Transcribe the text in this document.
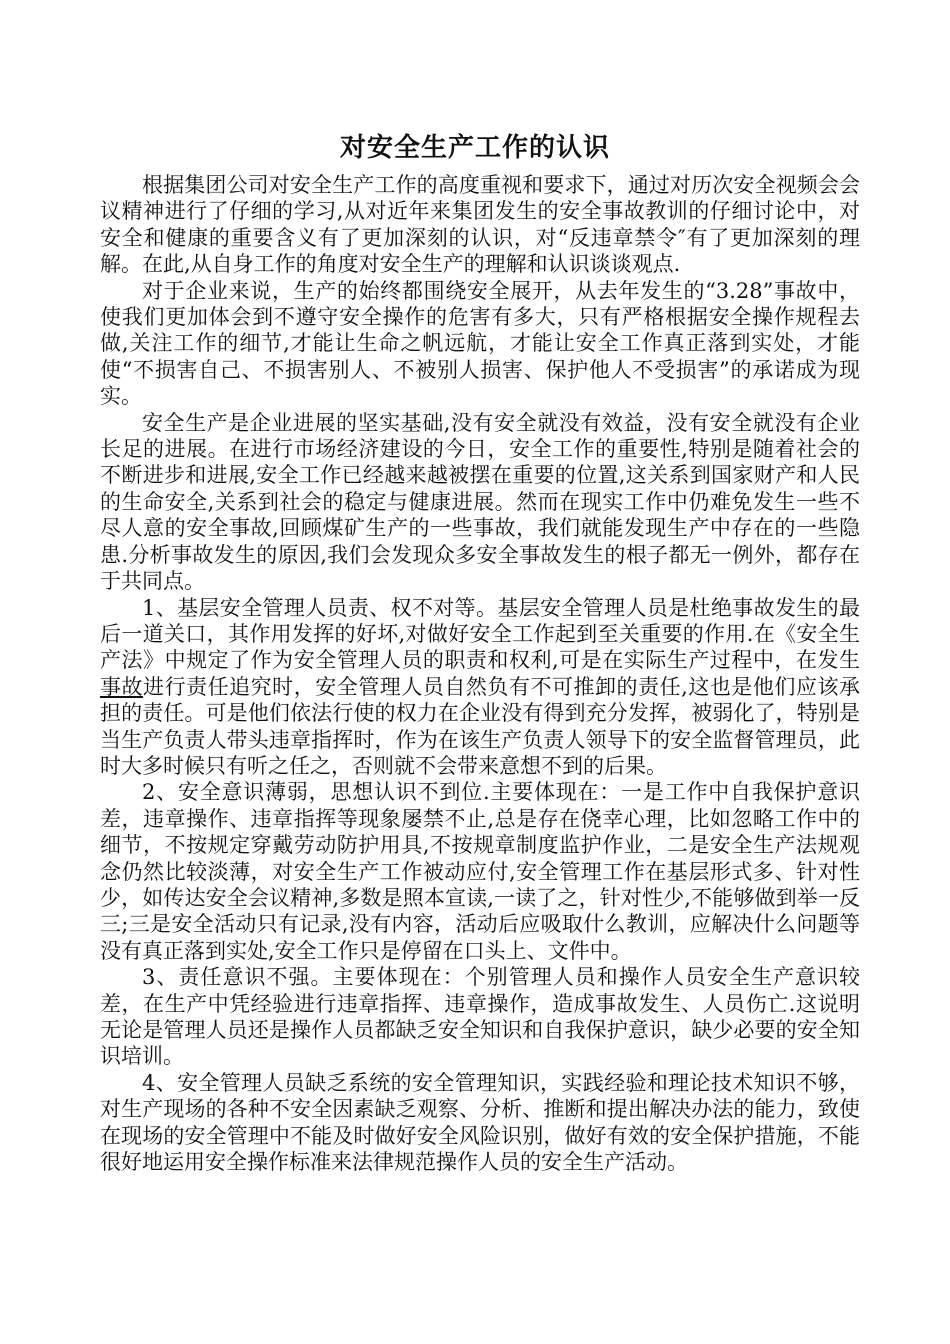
对安全生产工作的认识

根据集团公司对安全生产工作的高度重视和要求下，通过对历次安全视频会会议精神进行了仔细的学习,从对近年来集团发生的安全事故教训的仔细讨论中，对安全和健康的重要含义有了更加深刻的认识，对“反违章禁令″有了更加深刻的理解。在此,从自身工作的角度对安全生产的理解和认识谈谈观点.

对于企业来说，生产的始终都围绕安全展开，从去年发生的“3.28”事故中，使我们更加体会到不遵守安全操作的危害有多大，只有严格根据安全操作规程去做,关注工作的细节,才能让生命之帆远航，才能让安全工作真正落到实处，才能使“不损害自己、不损害别人、不被别人损害、保护他人不受损害”的承诺成为现实。

安全生产是企业进展的坚实基础,没有安全就没有效益，没有安全就没有企业长足的进展。在进行市场经济建设的今日，安全工作的重要性,特别是随着社会的不断进步和进展,安全工作已经越来越被摆在重要的位置,这关系到国家财产和人民的生命安全,关系到社会的稳定与健康进展。然而在现实工作中仍难免发生一些不尽人意的安全事故,回顾煤矿生产的一些事故，我们就能发现生产中存在的一些隐患.分析事故发生的原因,我们会发现众多安全事故发生的根子都无一例外，都存在于共同点。

1、基层安全管理人员责、权不对等。基层安全管理人员是杜绝事故发生的最后一道关口，其作用发挥的好坏,对做好安全工作起到至关重要的作用.在《安全生产法》中规定了作为安全管理人员的职责和权利,可是在实际生产过程中，在发生事故进行责任追究时，安全管理人员自然负有不可推卸的责任,这也是他们应该承担的责任。可是他们依法行使的权力在企业没有得到充分发挥，被弱化了，特别是当生产负责人带头违章指挥时，作为在该生产负责人领导下的安全监督管理员，此时大多时候只有听之任之，否则就不会带来意想不到的后果。

2、安全意识薄弱，思想认识不到位.主要体现在：一是工作中自我保护意识差，违章操作、违章指挥等现象屡禁不止,总是存在侥幸心理，比如忽略工作中的细节，不按规定穿戴劳动防护用具,不按规章制度监护作业，二是安全生产法规观念仍然比较淡薄，对安全生产工作被动应付,安全管理工作在基层形式多、针对性少，如传达安全会议精神,多数是照本宣读,一读了之，针对性少,不能够做到举一反三;三是安全活动只有记录,没有内容，活动后应吸取什么教训，应解决什么问题等没有真正落到实处,安全工作只是停留在口头上、文件中。

3、责任意识不强。主要体现在：个别管理人员和操作人员安全生产意识较差，在生产中凭经验进行违章指挥、违章操作，造成事故发生、人员伤亡.这说明无论是管理人员还是操作人员都缺乏安全知识和自我保护意识，缺少必要的安全知识培训。

4、安全管理人员缺乏系统的安全管理知识，实践经验和理论技术知识不够，对生产现场的各种不安全因素缺乏观察、分析、推断和提出解决办法的能力，致使在现场的安全管理中不能及时做好安全风险识别，做好有效的安全保护措施，不能很好地运用安全操作标准来法律规范操作人员的安全生产活动。
